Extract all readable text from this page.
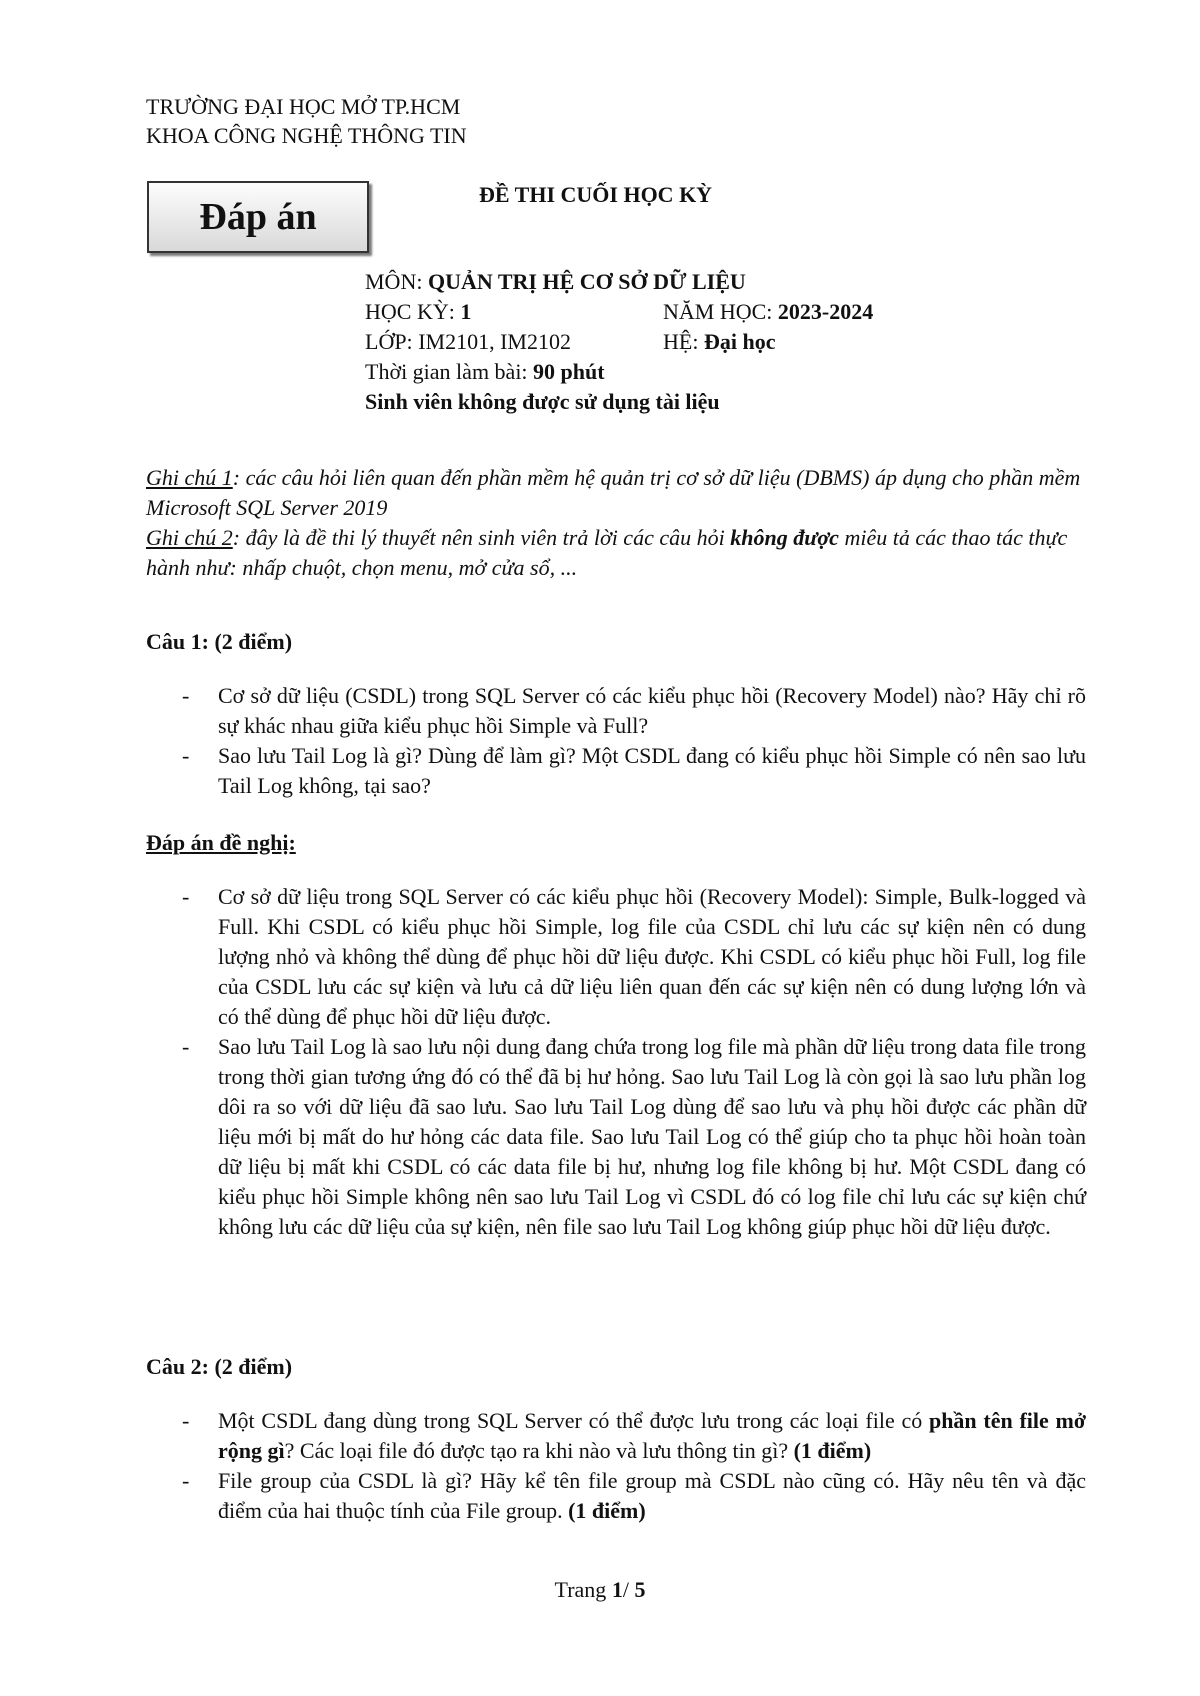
TRƯỜNG ĐẠI HỌC MỞ TP.HCM
KHOA CÔNG NGHỆ THÔNG TIN
Đáp án
ĐỀ THI CUỐI HỌC KỲ
MÔN: QUẢN TRỊ HỆ CƠ SỞ DỮ LIỆU
HỌC KỲ: 1	NĂM HỌC: 2023-2024
LỚP: IM2101, IM2102	HỆ: Đại học
Thời gian làm bài: 90 phút
Sinh viên không được sử dụng tài liệu
Ghi chú 1: các câu hỏi liên quan đến phần mềm hệ quản trị cơ sở dữ liệu (DBMS) áp dụng cho phần mềm Microsoft SQL Server 2019
Ghi chú 2: đây là đề thi lý thuyết nên sinh viên trả lời các câu hỏi không được miêu tả các thao tác thực hành như: nhấp chuột, chọn menu, mở cửa sổ, ...
Câu 1: (2 điểm)
- Cơ sở dữ liệu (CSDL) trong SQL Server có các kiểu phục hồi (Recovery Model) nào? Hãy chỉ rõ sự khác nhau giữa kiểu phục hồi Simple và Full?
- Sao lưu Tail Log là gì? Dùng để làm gì? Một CSDL đang có kiểu phục hồi Simple có nên sao lưu Tail Log không, tại sao?
Đáp án đề nghị:
- Cơ sở dữ liệu trong SQL Server có các kiểu phục hồi (Recovery Model): Simple, Bulk-logged và Full. Khi CSDL có kiểu phục hồi Simple, log file của CSDL chỉ lưu các sự kiện nên có dung lượng nhỏ và không thể dùng để phục hồi dữ liệu được. Khi CSDL có kiểu phục hồi Full, log file của CSDL lưu các sự kiện và lưu cả dữ liệu liên quan đến các sự kiện nên có dung lượng lớn và có thể dùng để phục hồi dữ liệu được.
- Sao lưu Tail Log là sao lưu nội dung đang chứa trong log file mà phần dữ liệu trong data file trong trong thời gian tương ứng đó có thể đã bị hư hỏng. Sao lưu Tail Log là còn gọi là sao lưu phần log dôi ra so với dữ liệu đã sao lưu. Sao lưu Tail Log dùng để sao lưu và phụ hồi được các phần dữ liệu mới bị mất do hư hỏng các data file. Sao lưu Tail Log có thể giúp cho ta phục hồi hoàn toàn dữ liệu bị mất khi CSDL có các data file bị hư, nhưng log file không bị hư. Một CSDL đang có kiểu phục hồi Simple không nên sao lưu Tail Log vì CSDL đó có log file chỉ lưu các sự kiện chứ không lưu các dữ liệu của sự kiện, nên file sao lưu Tail Log không giúp phục hồi dữ liệu được.
Câu 2: (2 điểm)
- Một CSDL đang dùng trong SQL Server có thể được lưu trong các loại file có phần tên file mở rộng gì? Các loại file đó được tạo ra khi nào và lưu thông tin gì? (1 điểm)
- File group của CSDL là gì? Hãy kể tên file group mà CSDL nào cũng có. Hãy nêu tên và đặc điểm của hai thuộc tính của File group. (1 điểm)
Trang 1/ 5
